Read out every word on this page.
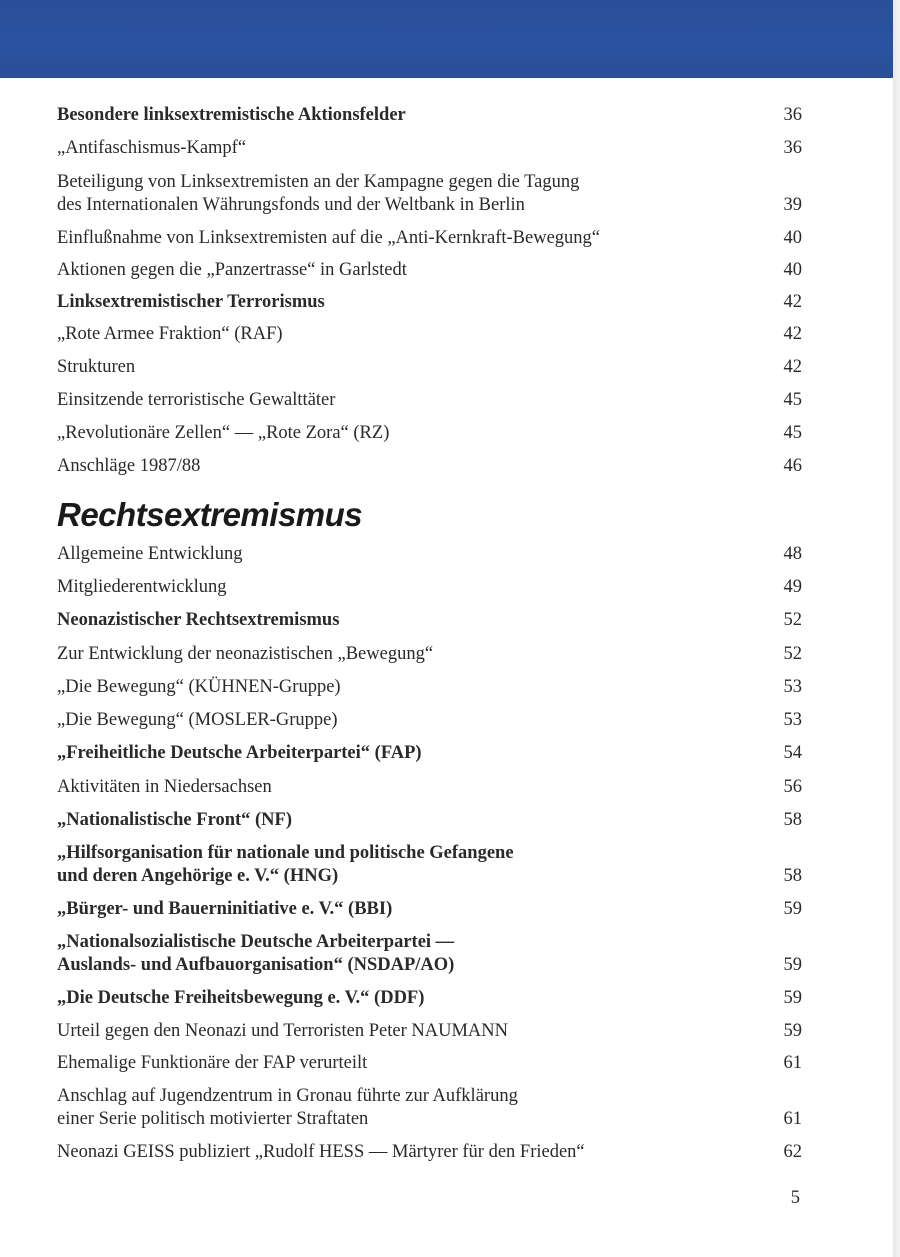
Besondere linksextremistische Aktionsfelder	36
„Antifaschismus-Kampf“	36
Beteiligung von Linksextremisten an der Kampagne gegen die Tagung
des Internationalen Währungsfonds und der Weltbank in Berlin	39
Einflußnahme von Linksextremisten auf die „Anti-Kernkraft-Bewegung“	40
Aktionen gegen die „Panzertrasse“ in Garlstedt	40
Linksextremistischer Terrorismus	42
„Rote Armee Fraktion“ (RAF)	42
Strukturen	42
Einsitzende terroristische Gewalttäter	45
„Revolutionäre Zellen“ — „Rote Zora“ (RZ)	45
Anschläge 1987/88	46
Allgemeine Entwicklung	48
Mitgliederentwicklung	49
Neonazistischer Rechtsextremismus	52
Zur Entwicklung der neonazistischen „Bewegung“	52
„Die Bewegung“ (KÜHNEN-Gruppe)	53
„Die Bewegung“ (MOSLER-Gruppe)	53
„Freiheitliche Deutsche Arbeiterpartei“ (FAP)	54
Aktivitäten in Niedersachsen	56
„Nationalistische Front“ (NF)	58
„Hilfsorganisation für nationale und politische Gefangene
und deren Angehörige e. V.“ (HNG)	58
„Bürger- und Bauerninitiative e. V.“ (BBI)	59
„Nationalsozialistische Deutsche Arbeiterpartei —
Auslands- und Aufbauorganisation“ (NSDAP/AO)	59
„Die Deutsche Freiheitsbewegung e. V.“ (DDF)	59
Urteil gegen den Neonazi und Terroristen Peter NAUMANN	59
Ehemalige Funktionäre der FAP verurteilt	61
Anschlag auf Jugendzentrum in Gronau führte zur Aufklärung
einer Serie politisch motivierter Straftaten	61
Neonazi GEISS publiziert „Rudolf HESS — Märtyrer für den Frieden“	62
Rechtsextremismus
5
